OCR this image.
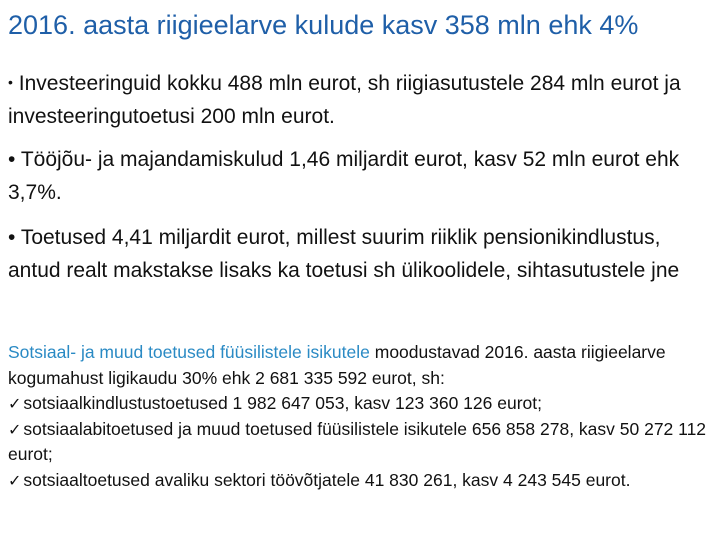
2016. aasta riigieelarve kulude kasv 358 mln ehk 4%
• Investeeringuid kokku 488 mln eurot, sh riigiasutustele 284 mln eurot ja investeeringutoetusi 200 mln eurot.
• Tööjõu- ja majandamiskulud 1,46 miljardit eurot, kasv 52 mln eurot ehk 3,7%.
• Toetused 4,41 miljardit eurot, millest suurim riiklik pensionikindlustus, antud realt makstakse lisaks ka toetusi sh ülikoolidele, sihtasutustele jne
Sotsiaal- ja muud toetused füüsilistele isikutele moodustavad 2016. aasta riigieelarve kogumahust ligikaudu 30% ehk 2 681 335 592 eurot, sh:
✓ sotsiaalkindlustustoetused 1 982 647 053, kasv 123 360 126 eurot;
✓ sotsiaalabitoetused ja muud toetused füüsilistele isikutele 656 858 278, kasv 50 272 112 eurot;
✓ sotsiaaltoetused avaliku sektori töövõtjatele 41 830 261, kasv 4 243 545 eurot.
